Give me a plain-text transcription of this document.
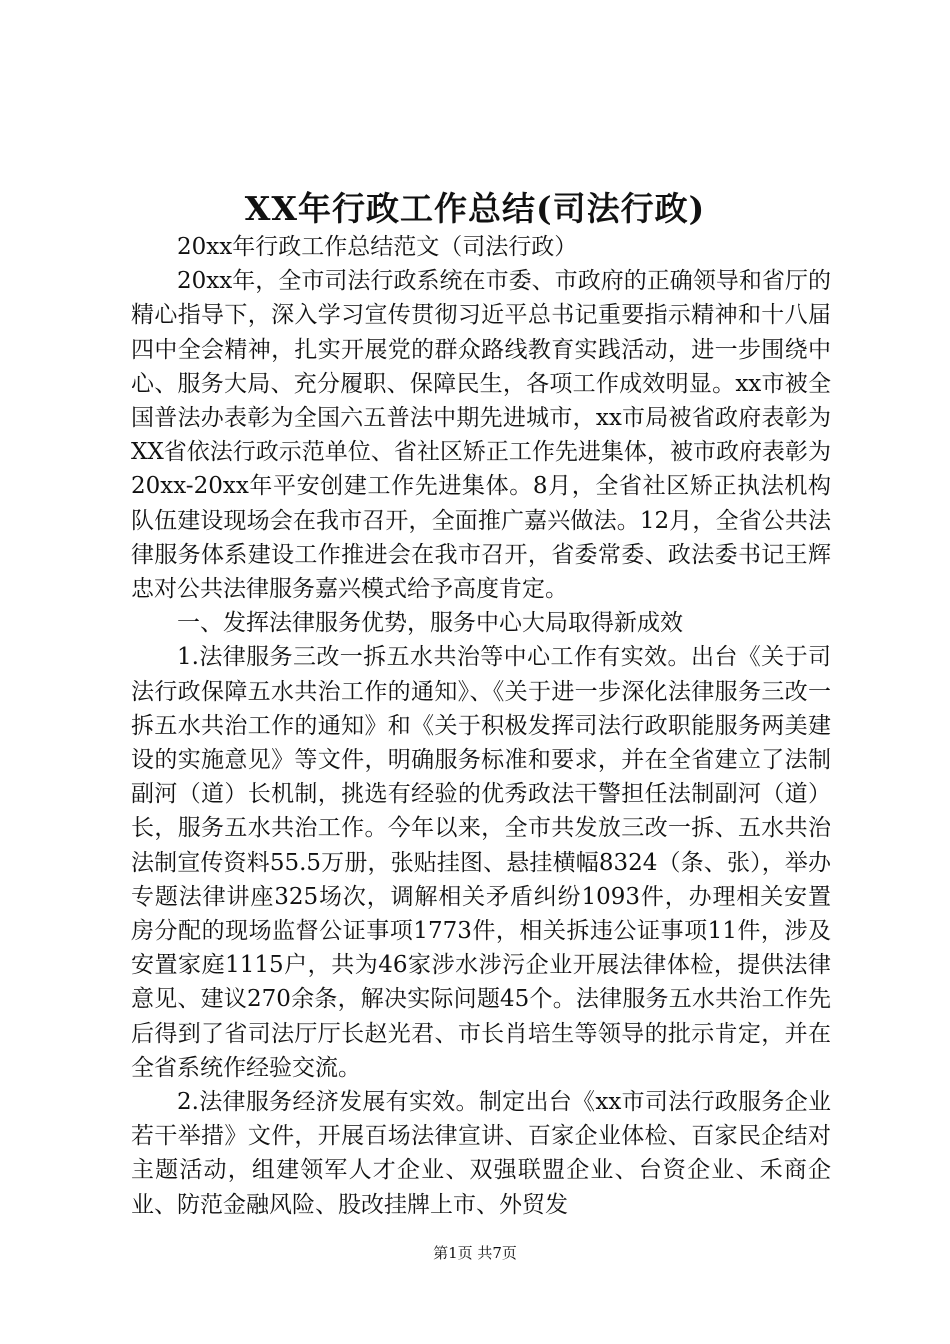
XX年行政工作总结(司法行政)

20xx年行政工作总结范文（司法行政）

20xx年，全市司法行政系统在市委、市政府的正确领导和省厅的精心指导下，深入学习宣传贯彻习近平总书记重要指示精神和十八届四中全会精神，扎实开展党的群众路线教育实践活动，进一步围绕中心、服务大局、充分履职、保障民生，各项工作成效明显。xx市被全国普法办表彰为全国六五普法中期先进城市，xx市局被省政府表彰为XX省依法行政示范单位、省社区矫正工作先进集体，被市政府表彰为20xx-20xx年平安创建工作先进集体。8月，全省社区矫正执法机构队伍建设现场会在我市召开，全面推广嘉兴做法。12月，全省公共法律服务体系建设工作推进会在我市召开，省委常委、政法委书记王辉忠对公共法律服务嘉兴模式给予高度肯定。

一、发挥法律服务优势，服务中心大局取得新成效

1.法律服务三改一拆五水共治等中心工作有实效。出台《关于司法行政保障五水共治工作的通知》、《关于进一步深化法律服务三改一拆五水共治工作的通知》和《关于积极发挥司法行政职能服务两美建设的实施意见》等文件，明确服务标准和要求，并在全省建立了法制副河（道）长机制，挑选有经验的优秀政法干警担任法制副河（道）长，服务五水共治工作。今年以来，全市共发放三改一拆、五水共治法制宣传资料55.5万册，张贴挂图、悬挂横幅8324（条、张），举办专题法律讲座325场次，调解相关矛盾纠纷1093件，办理相关安置房分配的现场监督公证事项1773件，相关拆违公证事项11件，涉及安置家庭1115户，共为46家涉水涉污企业开展法律体检，提供法律意见、建议270余条，解决实际问题45个。法律服务五水共治工作先后得到了省司法厅厅长赵光君、市长肖培生等领导的批示肯定，并在全省系统作经验交流。

2.法律服务经济发展有实效。制定出台《xx市司法行政服务企业若干举措》文件，开展百场法律宣讲、百家企业体检、百家民企结对主题活动，组建领军人才企业、双强联盟企业、台资企业、禾商企业、防范金融风险、股改挂牌上市、外贸发

第1页 共7页
